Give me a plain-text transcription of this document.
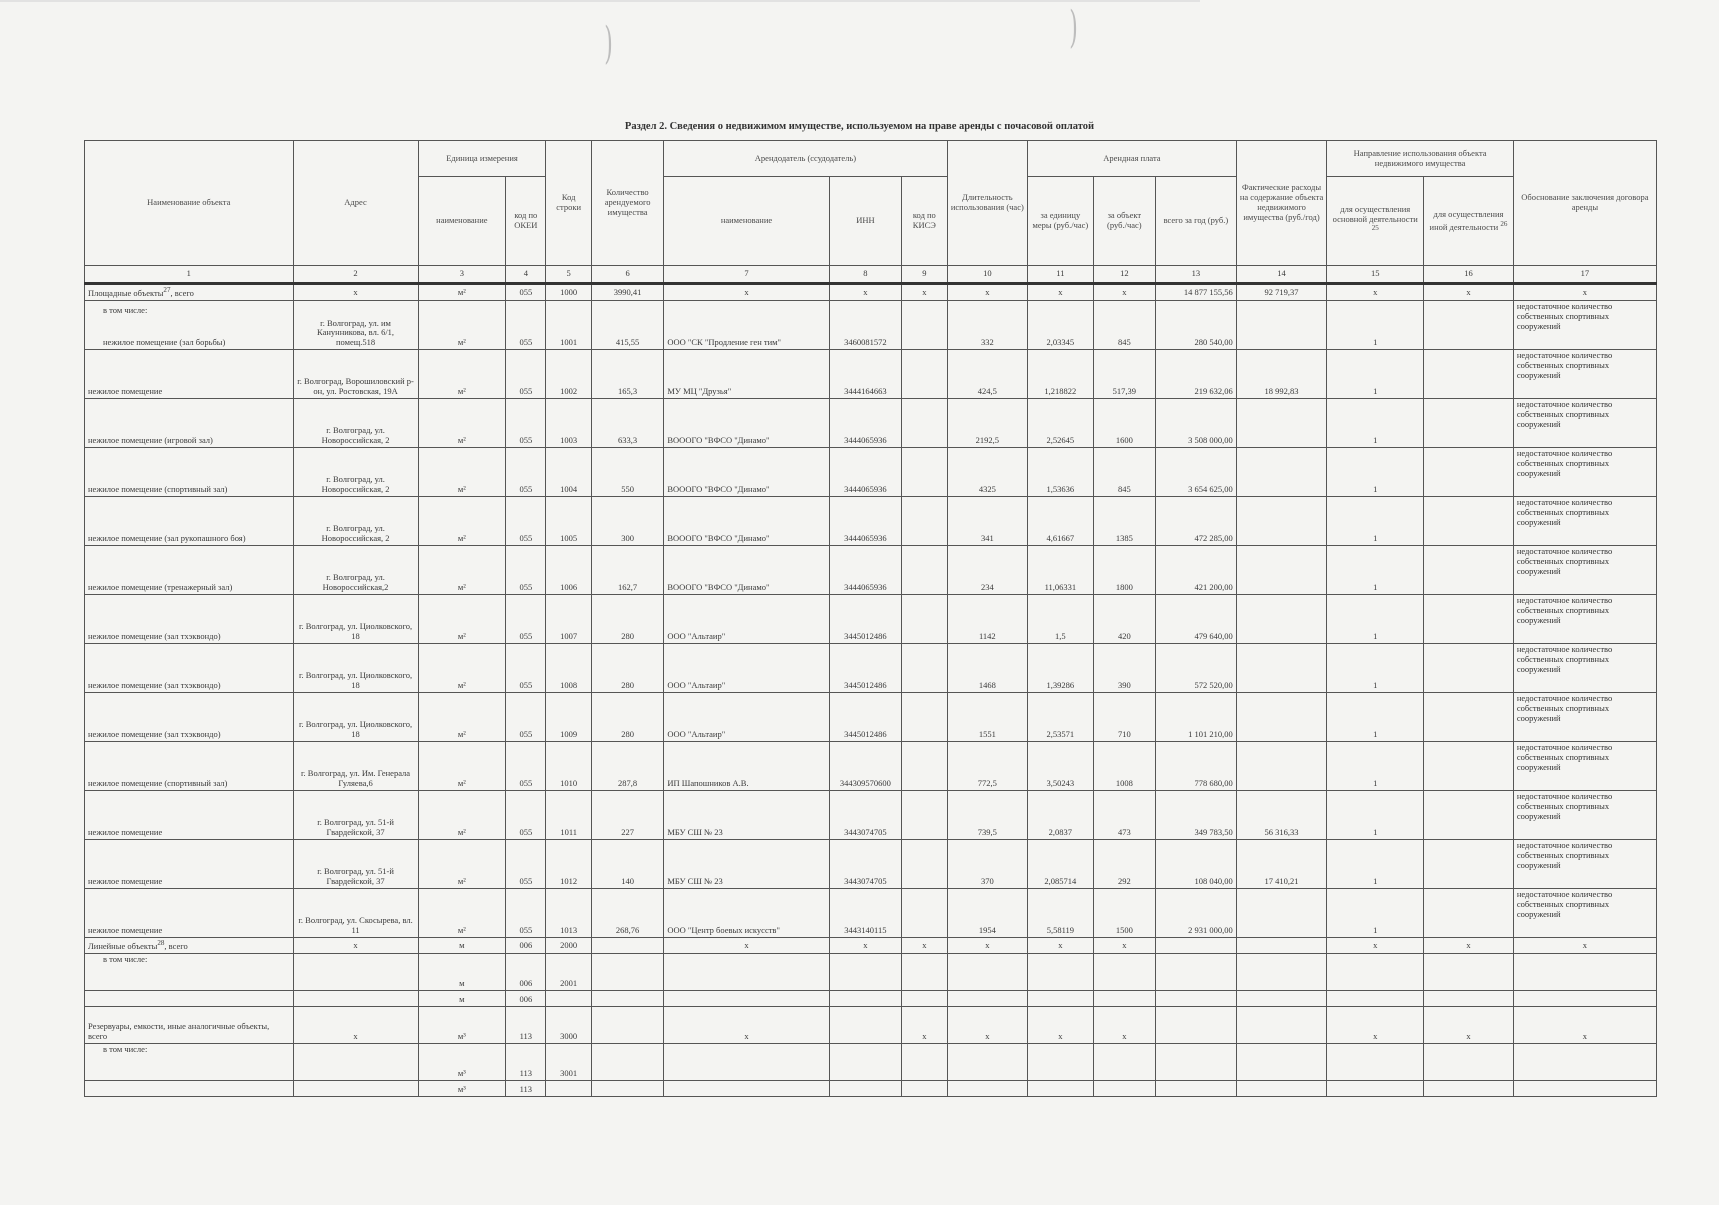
)	)
Раздел 2. Сведения о недвижимом имуществе, используемом на праве аренды с почасовой оплатой
Наименование объекта	Адрес	Единица измерения		Код строки	Количество арендуемого имущества	Арендодатель (ссудодатель)			Длительность использования (час)	Арендная плата			Фактические расходы на содержание объекта недвижимого имущества (руб./год)	Направление использования объекта недвижимого имущества		Обоснование заключения договора аренды
		наименование	код по ОКЕИ			наименование	ИНН	код по КИСЭ		за единицу меры (руб./час)	за объект (руб./час)	всего за год (руб.)		для осуществления основной деятельности $^{25}$	для осуществления иной деятельности $^{26}$
1	2	3	4	5	6	7	8	9	10	11	12	13	14	15	16	17
Площадные объекты$^{27}$, всего	x	м²	055	1000	3990,41	x	x	x	x	x	x	14 877 155,56	92 719,37	x	x	x

в том числе:
нежилое помещение (зал борьбы)	г. Волгоград, ул. им Канунникова, вл. 6/1, помещ.518	м²	055	1001	415,55	ООО "СК "Продление ген тим"	3460081572		332	2,03345	845	280 540,00		1		недостаточное количество собственных спортивных сооружений
нежилое помещение	г. Волгоград, Ворошиловский р-он, ул. Ростовская, 19А	м²	055	1002	165,3	МУ МЦ "Друзья"	3444164663		424,5	1,218822	517,39	219 632,06	18 992,83	1		недостаточное количество собственных спортивных сооружений
нежилое помещение (игровой зал)	г. Волгоград, ул. Новороссийская, 2	м²	055	1003	633,3	ВОООГО "ВФСО "Динамо"	3444065936		2192,5	2,52645	1600	3 508 000,00		1		недостаточное количество собственных спортивных сооружений
нежилое помещение (спортивный зал)	г. Волгоград, ул. Новороссийская, 2	м²	055	1004	550	ВОООГО "ВФСО "Динамо"	3444065936		4325	1,53636	845	3 654 625,00		1		недостаточное количество собственных спортивных сооружений
нежилое помещение (зал рукопашного боя)	г. Волгоград, ул. Новороссийская, 2	м²	055	1005	300	ВОООГО "ВФСО "Динамо"	3444065936		341	4,61667	1385	472 285,00		1		недостаточное количество собственных спортивных сооружений
нежилое помещение (тренажерный зал)	г. Волгоград, ул. Новороссийская,2	м²	055	1006	162,7	ВОООГО "ВФСО "Динамо"	3444065936		234	11,06331	1800	421 200,00		1		недостаточное количество собственных спортивных сооружений
нежилое помещение (зал тхэквондо)	г. Волгоград, ул. Циолковского, 18	м²	055	1007	280	ООО "Альтаир"	3445012486		1142	1,5	420	479 640,00		1		недостаточное количество собственных спортивных сооружений
нежилое помещение (зал тхэквондо)	г. Волгоград, ул. Циолковского, 18	м²	055	1008	280	ООО "Альтаир"	3445012486		1468	1,39286	390	572 520,00		1		недостаточное количество собственных спортивных сооружений
нежилое помещение (зал тхэквондо)	г. Волгоград, ул. Циолковского, 18	м²	055	1009	280	ООО "Альтаир"	3445012486		1551	2,53571	710	1 101 210,00		1		недостаточное количество собственных спортивных сооружений
нежилое помещение (спортивный зал)	г. Волгоград, ул. Им. Генерала Гуляева,6	м²	055	1010	287,8	ИП Шапошников А.В.	344309570600		772,5	3,50243	1008	778 680,00		1		недостаточное количество собственных спортивных сооружений
нежилое помещение	г. Волгоград, ул. 51-й Гвардейской, 37	м²	055	1011	227	МБУ СШ № 23	3443074705		739,5	2,0837	473	349 783,50	56 316,33	1		недостаточное количество собственных спортивных сооружений
нежилое помещение	г. Волгоград, ул. 51-й Гвардейской, 37	м²	055	1012	140	МБУ СШ № 23	3443074705		370	2,085714	292	108 040,00	17 410,21	1		недостаточное количество собственных спортивных сооружений
нежилое помещение	г. Волгоград, ул. Скосырева, вл. 11	м²	055	1013	268,76	ООО "Центр боевых искусств"	3443140115		1954	5,58119	1500	2 931 000,00		1		недостаточное количество собственных спортивных сооружений
Линейные объекты$^{28}$, всего	x	м	006	2000		x	x	x	x	x	x			x	x	x
в том числе:		м	006	2001												
		м	006													
Резервуары, емкости, иные аналогичные объекты, всего	x	м³	113	3000		x		x	x	x	x			x	x	x
в том числе:		м³	113	3001												
		м³	113													
